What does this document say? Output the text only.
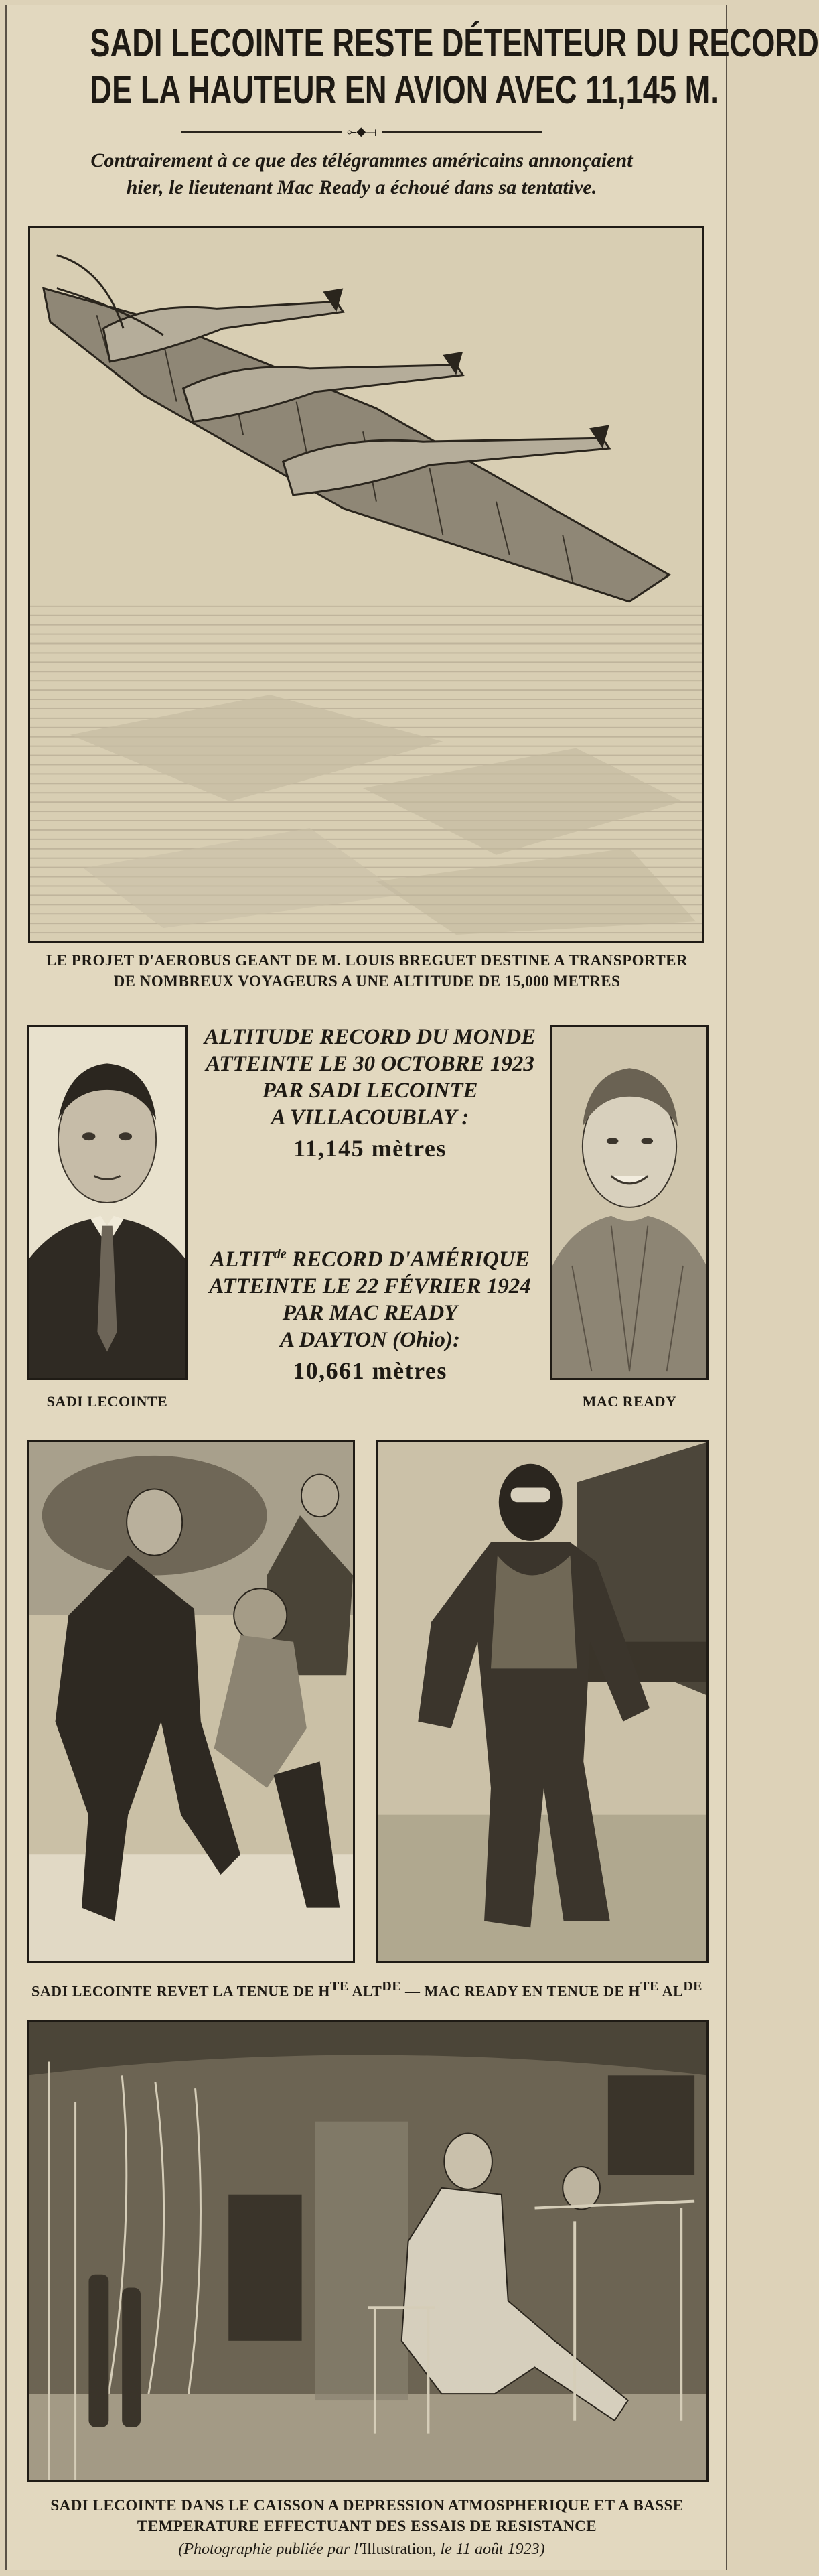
SADI LECOINTE RESTE DÉTENTEUR DU RECORD
DE LA HAUTEUR EN AVION AVEC 11,145 M.
⟜◆⟞
Contrairement à ce que des télégrammes américains annonçaient
hier, le lieutenant Mac Ready a échoué dans sa tentative.
LE PROJET D'AEROBUS GEANT DE M. LOUIS BREGUET DESTINE A TRANSPORTER
DE NOMBREUX VOYAGEURS A UNE ALTITUDE DE 15,000 METRES
SADI LECOINTE	MAC READY
ALTITUDE RECORD DU MONDE
ATTEINTE LE 30 OCTOBRE 1923
PAR SADI LECOINTE
A VILLACOUBLAY :
11,145 mètres
$ALTIT^{de}$ RECORD D'AMÉRIQUE
ATTEINTE LE 22 FÉVRIER 1924
PAR MAC READY
A DAYTON (Ohio):
10,661 mètres
SADI LECOINTE REVET LA TENUE DE HTE ALTDE — MAC READY EN TENUE DE HTE ALDE
SADI LECOINTE DANS LE CAISSON A DEPRESSION ATMOSPHERIQUE ET A BASSE
TEMPERATURE EFFECTUANT DES ESSAIS DE RESISTANCE
(Photographie publiée par l'Illustration, le 11 août 1923)
